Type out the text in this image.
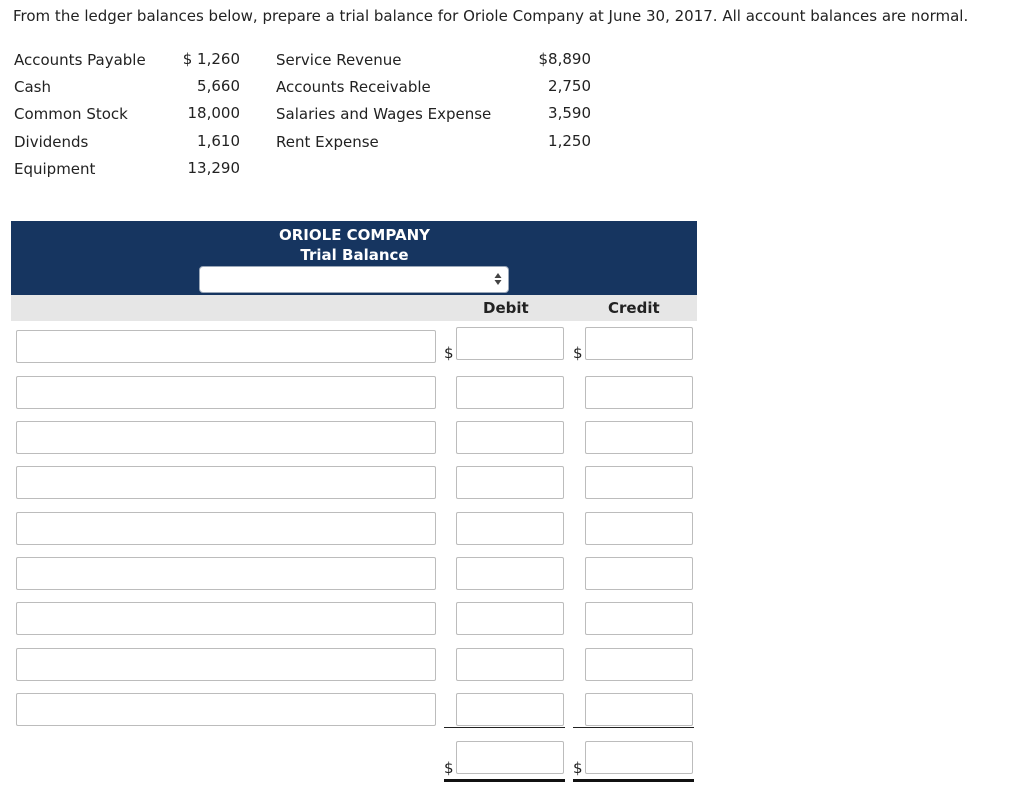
From the ledger balances below, prepare a trial balance for Oriole Company at June 30, 2017. All account balances are normal.
Accounts Payable $ 1,260
Cash	5,660
Common Stock	18,000
Dividends	1,610
Equipment	13,290
Service Revenue	$8,890
Accounts Receivable	2,750
Salaries and Wages Expense	3,590
Rent Expense	1,250
ORIOLE COMPANY
Trial Balance
Debit	Credit
$	$
$	$
